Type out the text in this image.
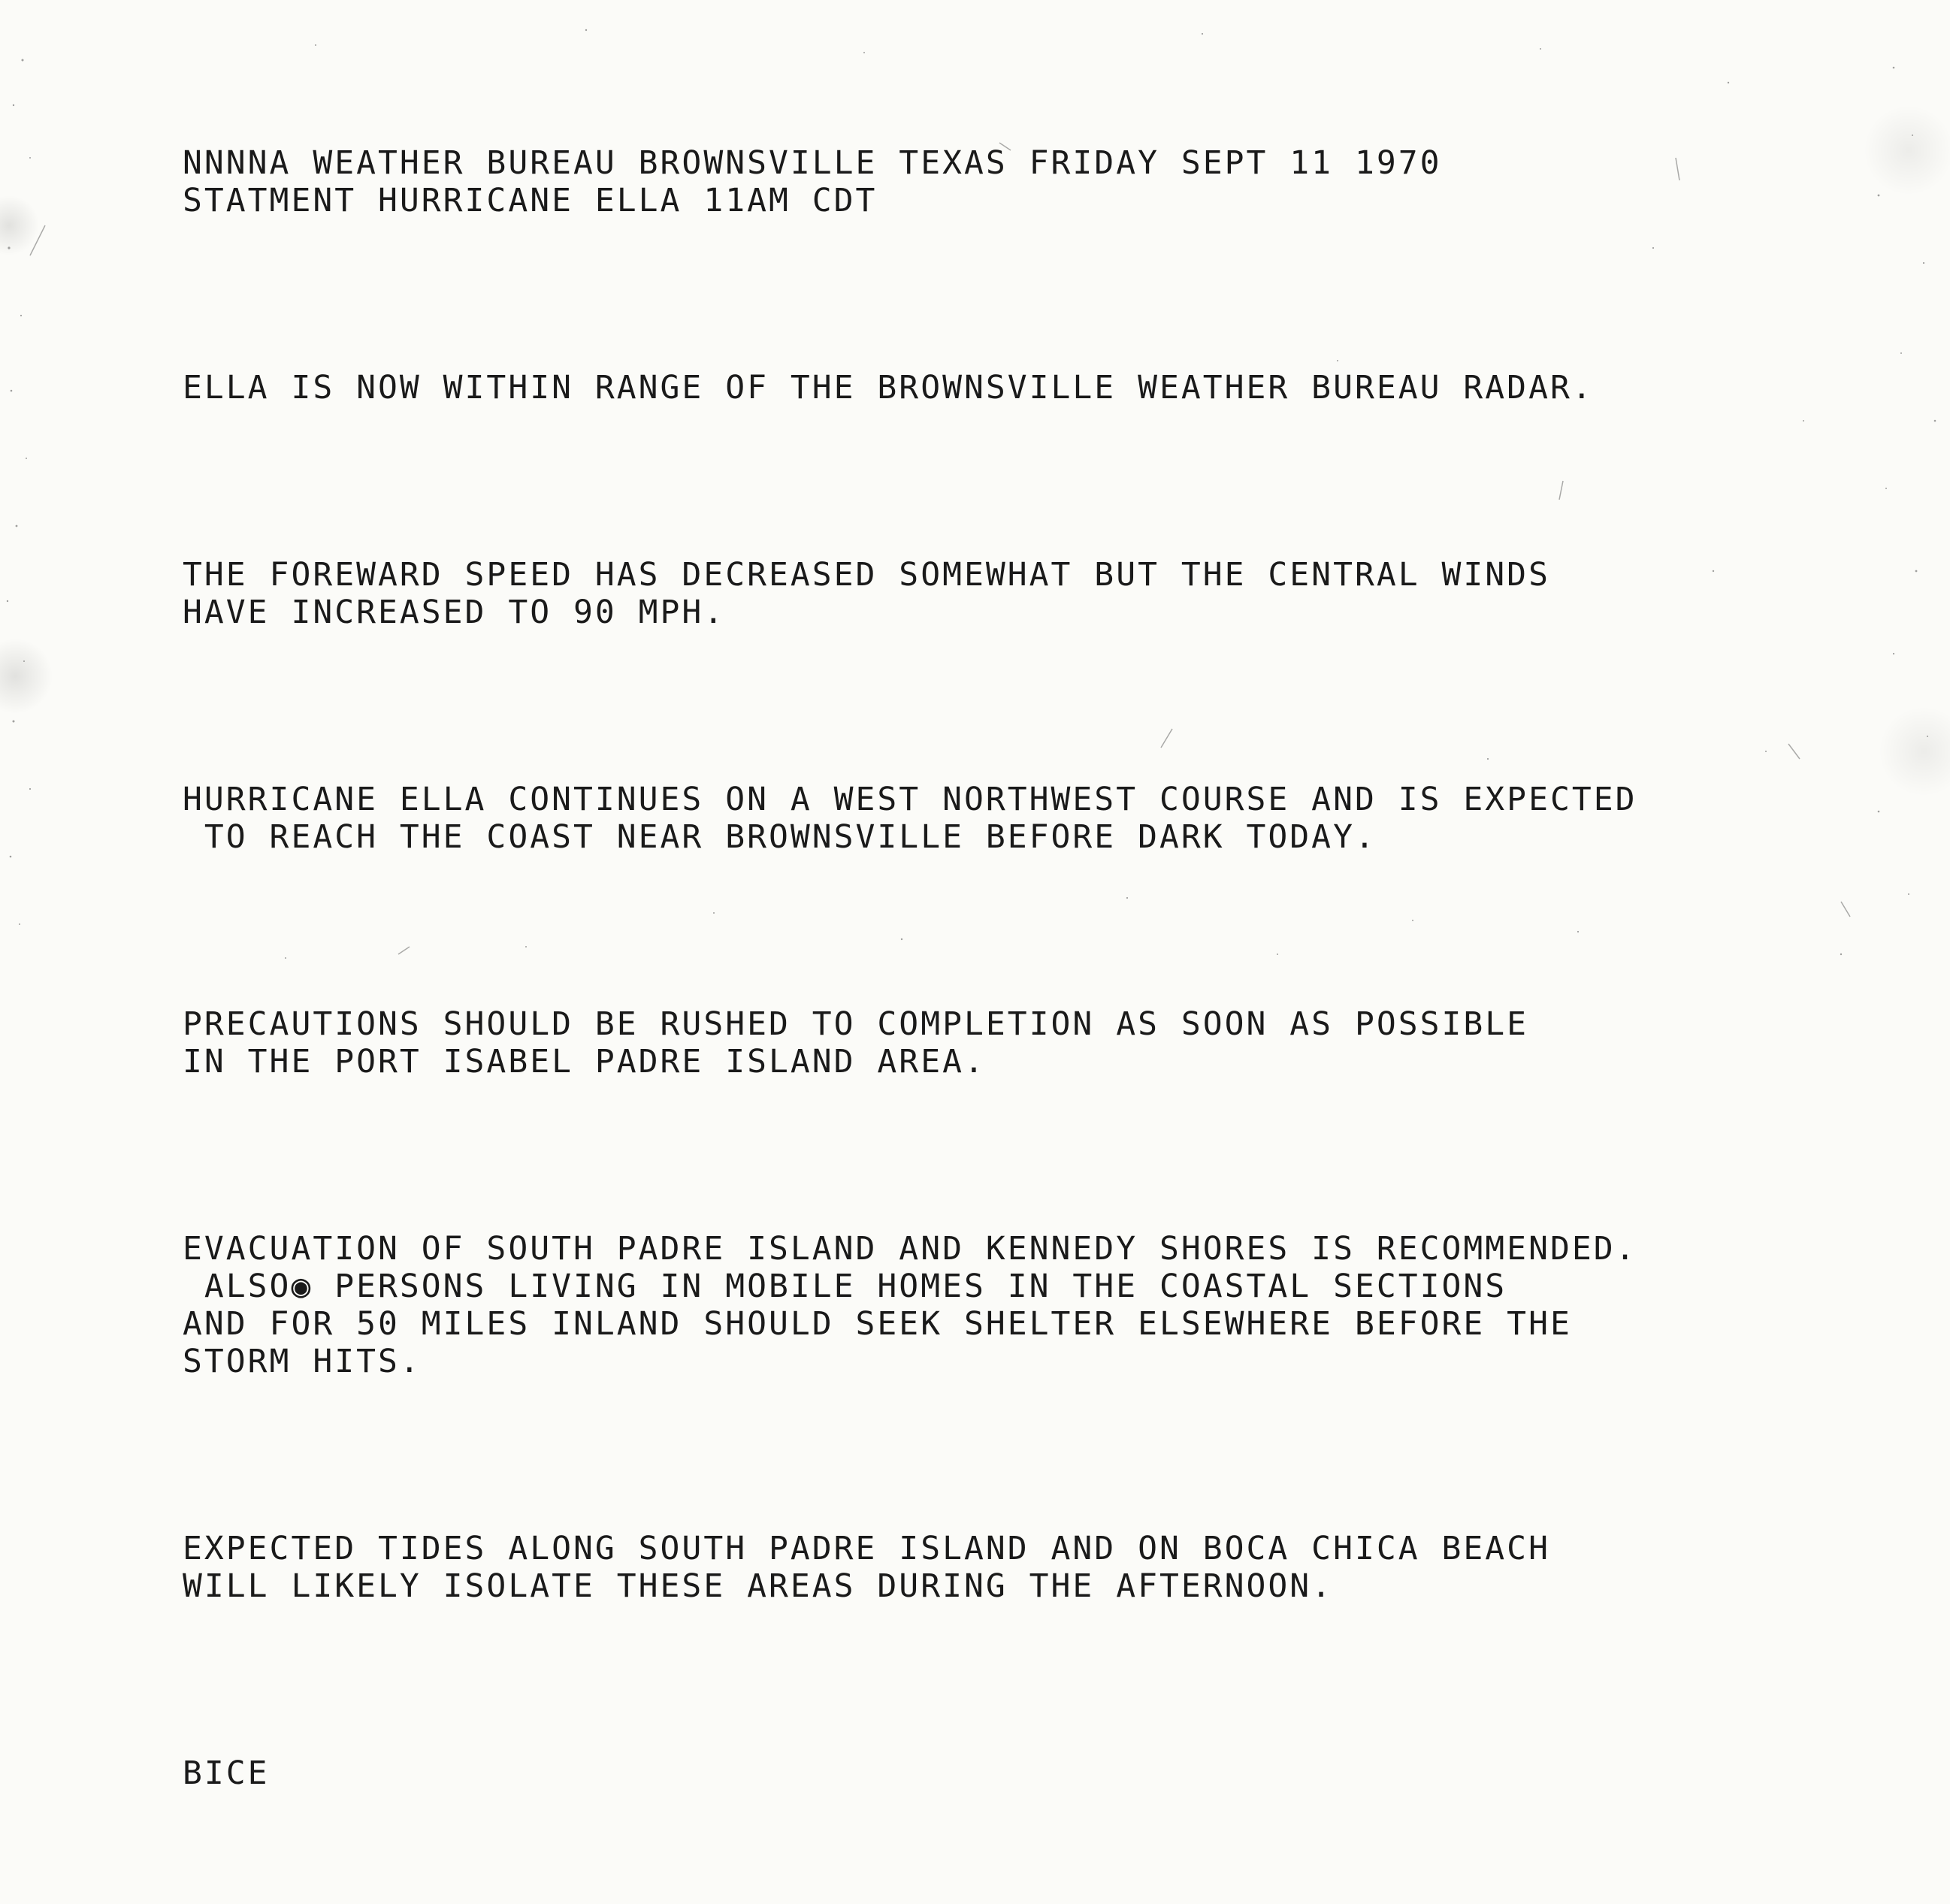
NNNNA WEATHER BUREAU BROWNSVILLE TEXAS FRIDAY SEPT 11 1970
STATMENT HURRICANE ELLA 11AM CDT

ELLA IS NOW WITHIN RANGE OF THE BROWNSVILLE WEATHER BUREAU RADAR.

THE FOREWARD SPEED HAS DECREASED SOMEWHAT BUT THE CENTRAL WINDS
HAVE INCREASED TO 90 MPH.

HURRICANE ELLA CONTINUES ON A WEST NORTHWEST COURSE AND IS EXPECTED
TO REACH THE COAST NEAR BROWNSVILLE BEFORE DARK TODAY.

PRECAUTIONS SHOULD BE RUSHED TO COMPLETION AS SOON AS POSSIBLE
IN THE PORT ISABEL PADRE ISLAND AREA.

EVACUATION OF SOUTH PADRE ISLAND AND KENNEDY SHORES IS RECOMMENDED.
ALSO◉ PERSONS LIVING IN MOBILE HOMES IN THE COASTAL SECTIONS
AND FOR 50 MILES INLAND SHOULD SEEK SHELTER ELSEWHERE BEFORE THE
STORM HITS.

EXPECTED TIDES ALONG SOUTH PADRE ISLAND AND ON BOCA CHICA BEACH
WILL LIKELY ISOLATE THESE AREAS DURING THE AFTERNOON.

BICE
